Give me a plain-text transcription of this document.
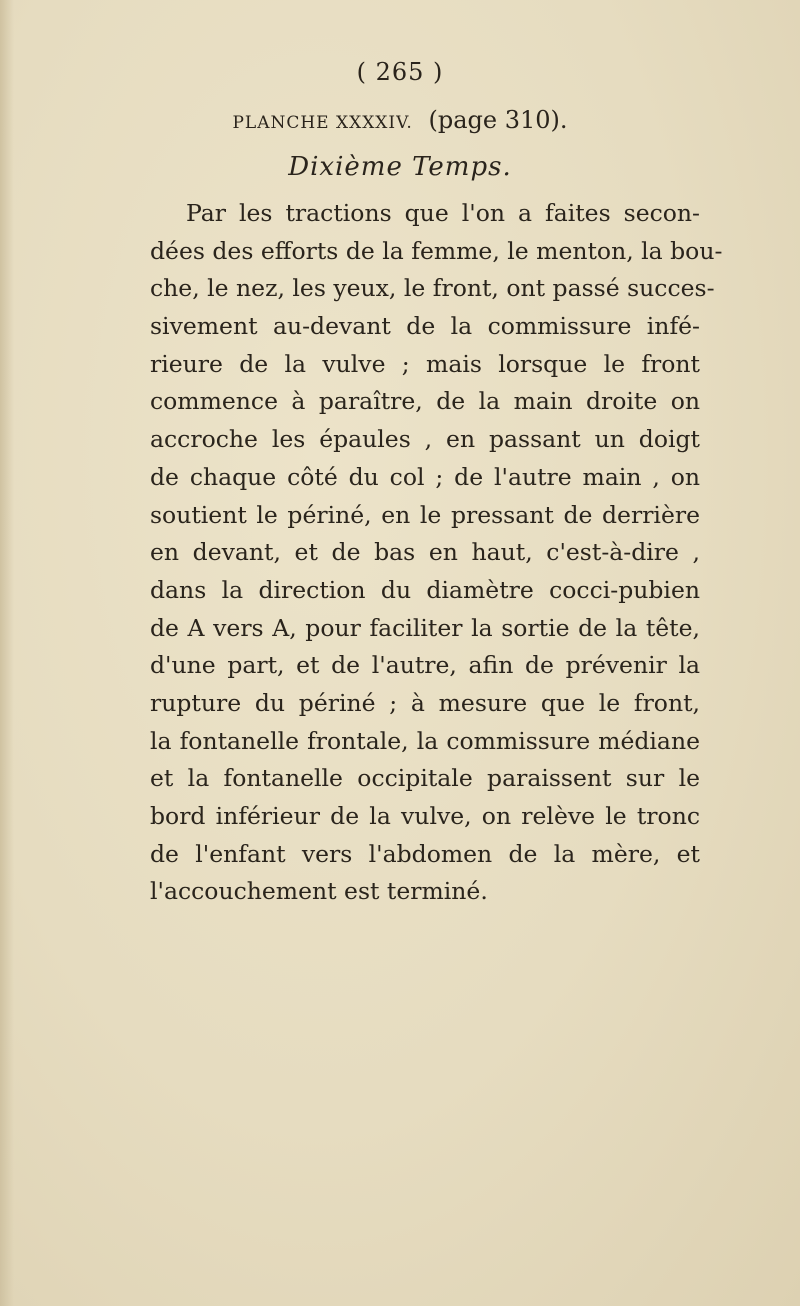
( 265 )
PLANCHE XXXXIV. (page 310).
Dixième Temps.
Par les tractions que l'on a faites secon-
dées des efforts de la femme, le menton, la bou-
che, le nez, les yeux, le front, ont passé succes-
sivement au-devant de la commissure infé-
rieure de la vulve ; mais lorsque le front
commence à paraître, de la main droite on
accroche les épaules , en passant un doigt
de chaque côté du col ; de l'autre main , on
soutient le périné, en le pressant de derrière
en devant, et de bas en haut, c'est-à-dire ,
dans la direction du diamètre cocci-pubien
de A vers A, pour faciliter la sortie de la tête,
d'une part, et de l'autre, afin de prévenir la
rupture du périné ; à mesure que le front,
la fontanelle frontale, la commissure médiane
et la fontanelle occipitale paraissent sur le
bord inférieur de la vulve, on relève le tronc
de l'enfant vers l'abdomen de la mère, et
l'accouchement est terminé.
